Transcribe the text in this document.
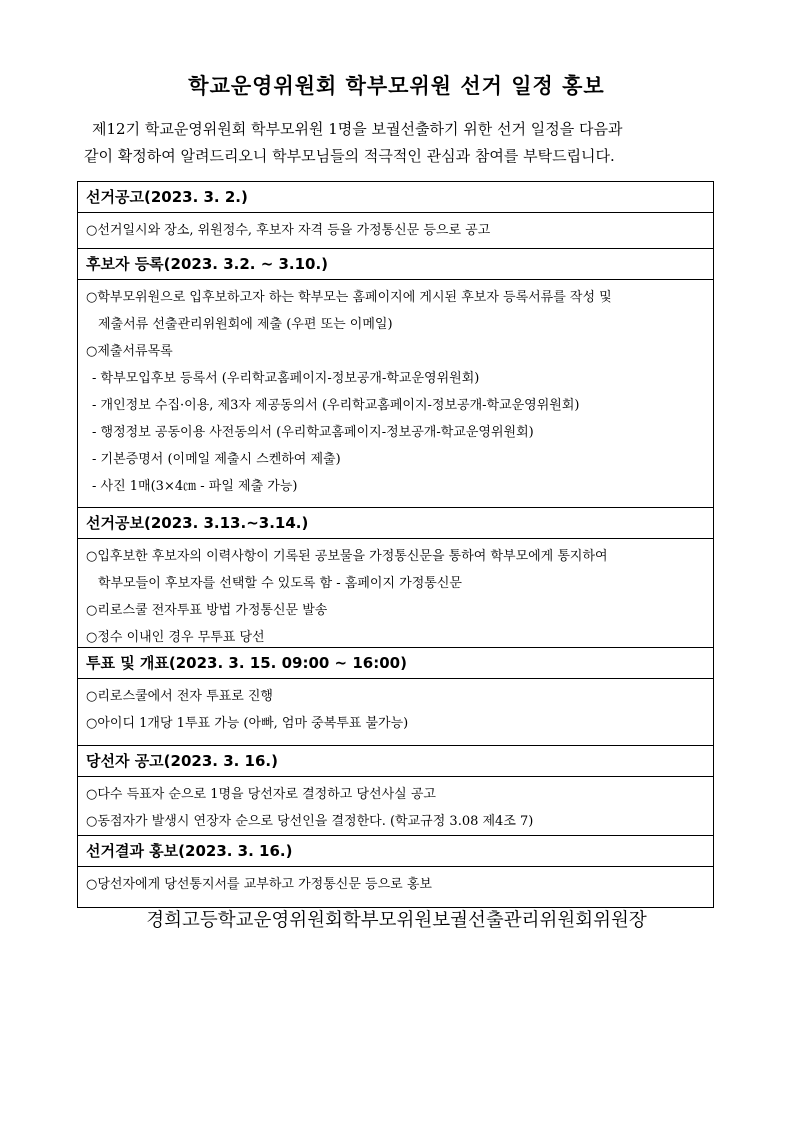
학교운영위원회 학부모위원 선거 일정 홍보

제12기 학교운영위원회 학부모위원 1명을 보궐선출하기 위한 선거 일정을 다음과

같이 확정하여 알려드리오니 학부모님들의 적극적인 관심과 참여를 부탁드립니다.

선거공고(2023. 3. 2.)
○선거일시와 장소, 위원정수, 후보자 자격 등을 가정통신문 등으로 공고
후보자 등록(2023. 3.2. ~ 3.10.)
○학부모위원으로 입후보하고자 하는 학부모는 홈페이지에 게시된 후보자 등록서류를 작성 및
제출서류 선출관리위원회에 제출 (우편 또는 이메일)
○제출서류목록
- 학부모입후보 등록서 (우리학교홈페이지-정보공개-학교운영위원회)
- 개인정보 수집·이용, 제3자 제공동의서 (우리학교홈페이지-정보공개-학교운영위원회)
- 행정정보 공동이용 사전동의서 (우리학교홈페이지-정보공개-학교운영위원회)
- 기본증명서 (이메일 제출시 스켄하여 제출)
- 사진 1매(3×4㎝ - 파일 제출 가능)
선거공보(2023. 3.13.~3.14.)
○입후보한 후보자의 이력사항이 기록된 공보물을 가정통신문을 통하여 학부모에게 통지하여
학부모들이 후보자를 선택할 수 있도록 함 - 홈페이지 가정통신문
○리로스쿨 전자투표 방법 가정통신문 발송
○정수 이내인 경우 무투표 당선
투표 및 개표(2023. 3. 15. 09:00 ~ 16:00)
○리로스쿨에서 전자 투표로 진행
○아이디 1개당 1투표 가능 (아빠, 엄마 중복투표 불가능)
당선자 공고(2023. 3. 16.)
○다수 득표자 순으로 1명을 당선자로 결정하고 당선사실 공고
○동점자가 발생시 연장자 순으로 당선인을 결정한다. (학교규정 3.08 제4조 7)
선거결과 홍보(2023. 3. 16.)
○당선자에게 당선통지서를 교부하고 가정통신문 등으로 홍보
경희고등학교운영위원회학부모위원보궐선출관리위원회위원장
